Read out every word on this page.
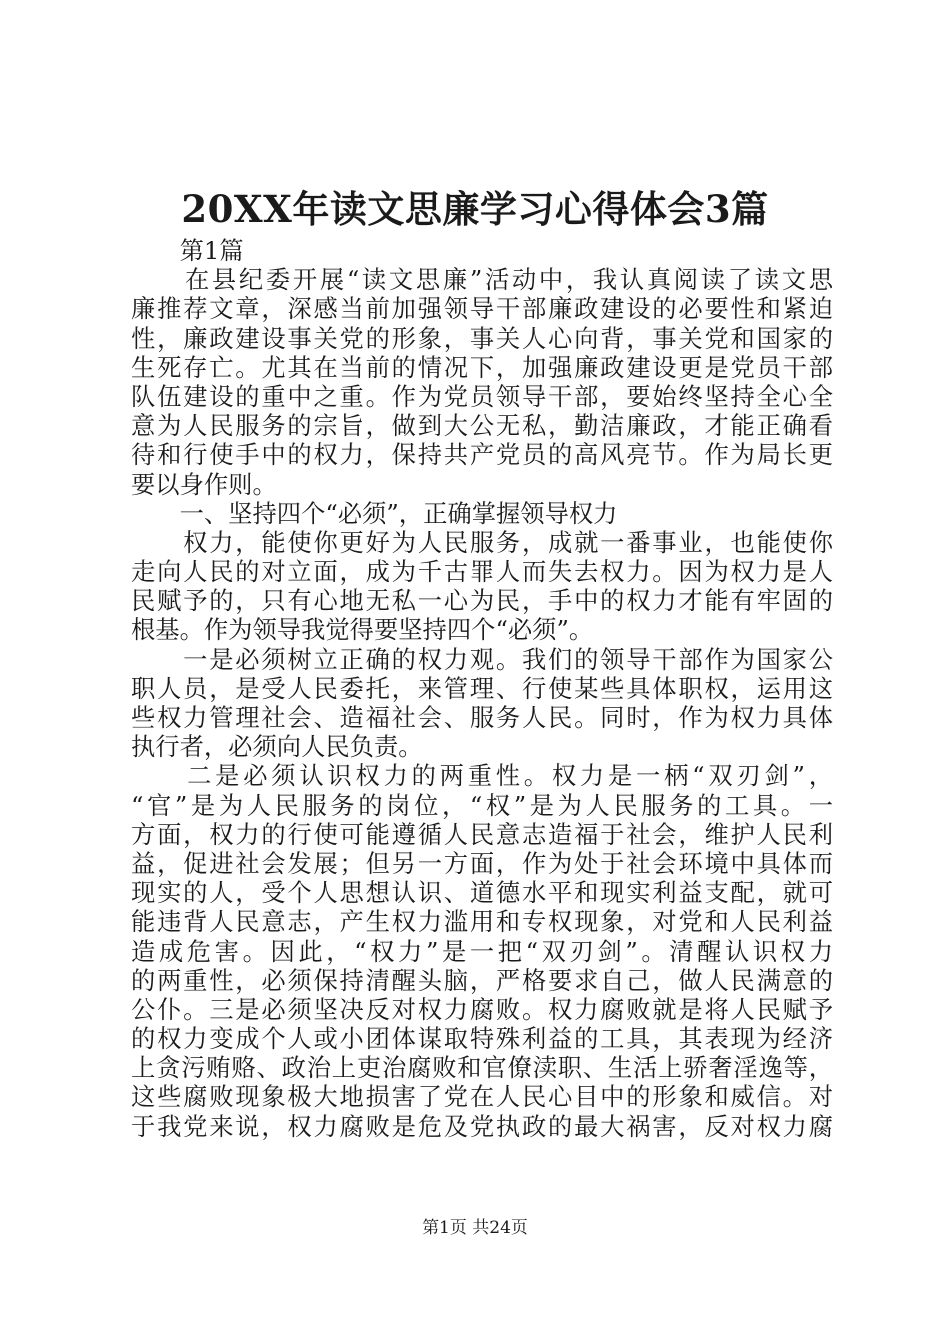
20XX年读文思廉学习心得体会3篇
　　第1篇
　　在县纪委开展“读文思廉”活动中，我认真阅读了读文思
廉推荐文章，深感当前加强领导干部廉政建设的必要性和紧迫
性，廉政建设事关党的形象，事关人心向背，事关党和国家的
生死存亡。尤其在当前的情况下，加强廉政建设更是党员干部
队伍建设的重中之重。作为党员领导干部，要始终坚持全心全
意为人民服务的宗旨，做到大公无私，勤洁廉政，才能正确看
待和行使手中的权力，保持共产党员的高风亮节。作为局长更
要以身作则。
　　一、坚持四个“必须”，正确掌握领导权力
　　权力，能使你更好为人民服务，成就一番事业，也能使你
走向人民的对立面，成为千古罪人而失去权力。因为权力是人
民赋予的，只有心地无私一心为民，手中的权力才能有牢固的
根基。作为领导我觉得要坚持四个“必须”。
　　一是必须树立正确的权力观。我们的领导干部作为国家公
职人员，是受人民委托，来管理、行使某些具体职权，运用这
些权力管理社会、造福社会、服务人民。同时，作为权力具体
执行者，必须向人民负责。
　　二是必须认识权力的两重性。权力是一柄“双刃剑”，
“官”是为人民服务的岗位，“权”是为人民服务的工具。一
方面，权力的行使可能遵循人民意志造福于社会，维护人民利
益，促进社会发展；但另一方面，作为处于社会环境中具体而
现实的人，受个人思想认识、道德水平和现实利益支配，就可
能违背人民意志，产生权力滥用和专权现象，对党和人民利益
造成危害。因此，“权力”是一把“双刃剑”。清醒认识权力
的两重性，必须保持清醒头脑，严格要求自己，做人民满意的
公仆。三是必须坚决反对权力腐败。权力腐败就是将人民赋予
的权力变成个人或小团体谋取特殊利益的工具，其表现为经济
上贪污贿赂、政治上吏治腐败和官僚渎职、生活上骄奢淫逸等，
这些腐败现象极大地损害了党在人民心目中的形象和威信。对
于我党来说，权力腐败是危及党执政的最大祸害，反对权力腐
第1页 共24页
